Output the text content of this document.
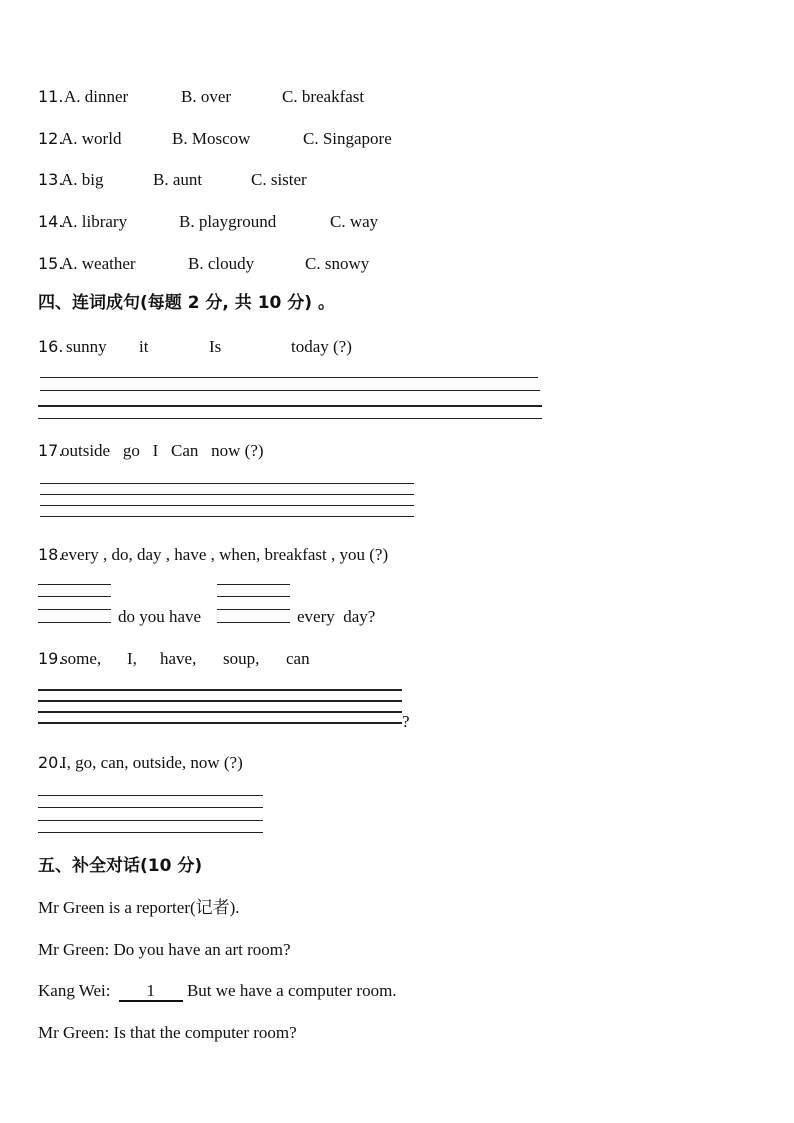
11. A. dinner	B. over	C. breakfast
12.
A. world	B. Moscow	C. Singapore
13.
A. big	B. aunt	C. sister
14.
A. library	B. playground	C. way
15.
A. weather	B. cloudy	C. snowy
四、连词成句(每题 2 分, 共 10 分) 。
16. sunny it	Is	today (?)
17.
outside   go   I   Can   now (?)
18.
every , do, day , have , when, breakfast , you (?)
do you have	every  day?
19.
some, I, have, soup, can
?
20.
I, go, can, outside, now (?)
五、补全对话(10 分)
Mr Green is a reporter(记者).
Mr Green: Do you have an art room?
Kang Wei: 1 But we have a computer room.
Mr Green: Is that the computer room?
